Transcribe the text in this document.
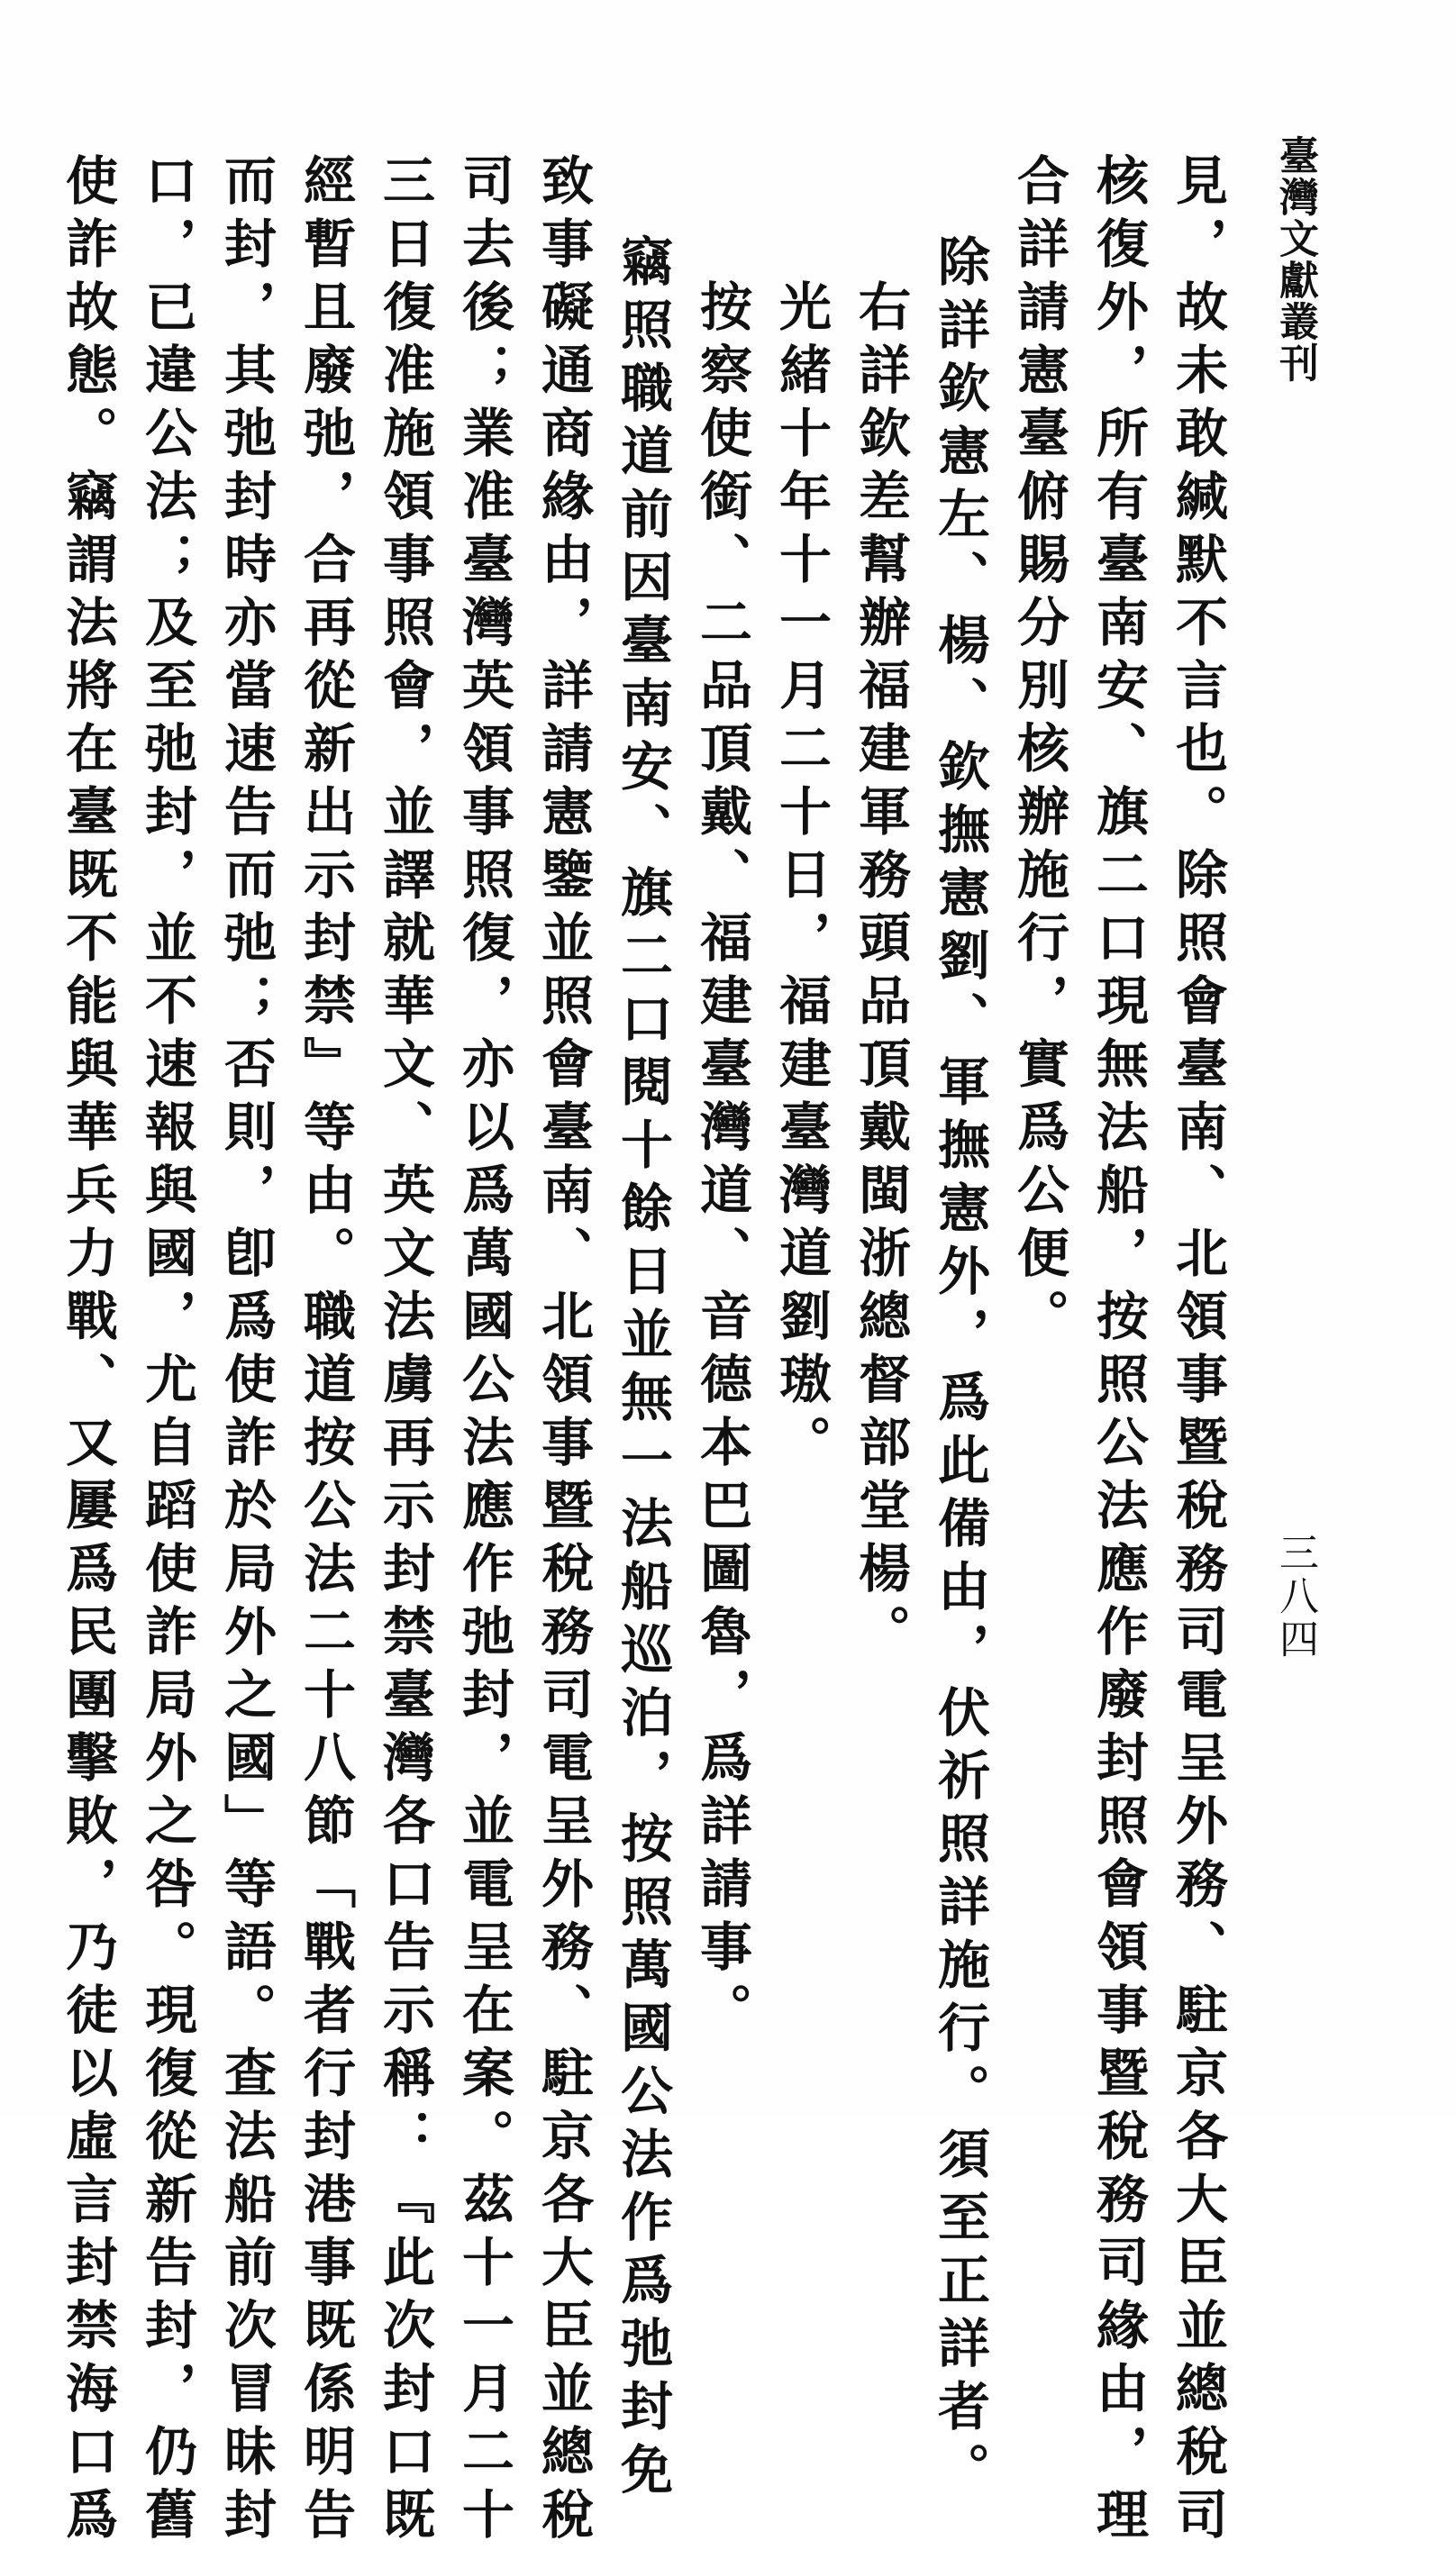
臺灣文獻叢刊
三八四
見，故未敢緘默不言也。除照會臺南、北領事暨稅務司電呈外務、駐京各大臣並總稅司
核復外，所有臺南安、旗二口現無法船，按照公法應作廢封照會領事暨稅務司緣由，理
合詳請憲臺俯賜分別核辦施行，實爲公便。
除詳欽憲左、楊、欽撫憲劉、軍撫憲外，爲此備由，伏祈照詳施行。須至正詳者。
右詳欽差幫辦福建軍務頭品頂戴閩浙總督部堂楊。
光緒十年十一月二十日，福建臺灣道劉璈。
按察使銜、二品頂戴、福建臺灣道、音德本巴圖魯，爲詳請事。
竊照職道前因臺南安、旗二口閱十餘日並無一法船巡泊，按照萬國公法作爲弛封免
致事礙通商緣由，詳請憲鑒並照會臺南、北領事暨稅務司電呈外務、駐京各大臣並總稅
司去後；業准臺灣英領事照復，亦以爲萬國公法應作弛封，並電呈在案。茲十一月二十
三日復准施領事照會，並譯就華文、英文法虜再示封禁臺灣各口告示稱：『此次封口既
經暫且廢弛，合再從新出示封禁』等由。職道按公法二十八節「戰者行封港事既係明告
而封，其弛封時亦當速告而弛；否則，卽爲使詐於局外之國」等語。查法船前次冒昧封
口，已違公法；及至弛封，並不速報與國，尤自蹈使詐局外之咎。現復從新告封，仍舊
使詐故態。竊謂法將在臺既不能與華兵力戰、又屢爲民團擊敗，乃徒以虛言封禁海口爲
